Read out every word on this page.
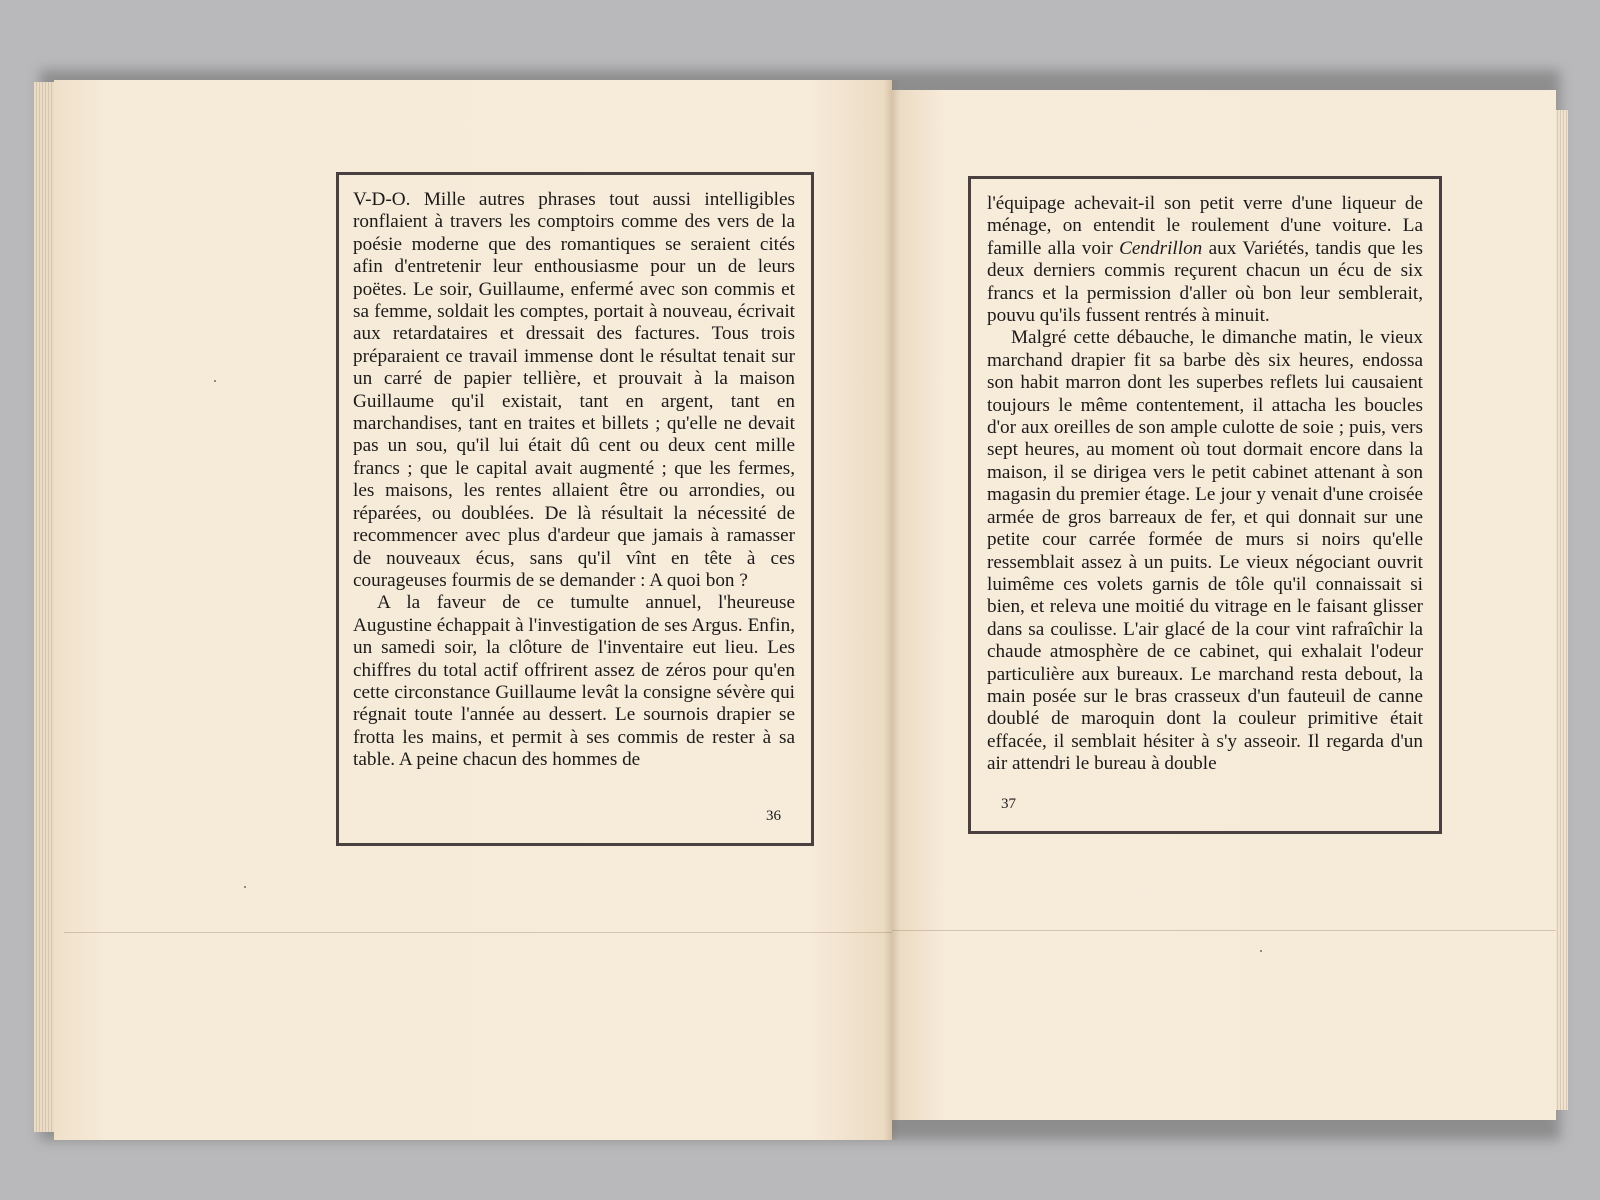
V-D-O. Mille autres phrases tout aussi intelligibles ronflaient à travers les comptoirs comme des vers de la poésie moderne que des romantiques se seraient cités afin d'entretenir leur enthousiasme pour un de leurs poëtes. Le soir, Guillaume, enfermé avec son commis et sa femme, soldait les comptes, portait à nouveau, écrivait aux retardataires et dressait des factures. Tous trois préparaient ce travail immense dont le résultat tenait sur un carré de papier tellière, et prouvait à la maison Guillaume qu'il existait, tant en argent, tant en marchandises, tant en traites et billets ; qu'elle ne devait pas un sou, qu'il lui était dû cent ou deux cent mille francs ; que le capital avait augmenté ; que les fermes, les maisons, les rentes allaient être ou arrondies, ou réparées, ou doublées. De là résultait la nécessité de recommencer avec plus d'ardeur que jamais à ramasser de nouveaux écus, sans qu'il vînt en tête à ces courageuses fourmis de se demander : A quoi bon ?

A la faveur de ce tumulte annuel, l'heureuse Augustine échappait à l'investigation de ses Argus. Enfin, un samedi soir, la clôture de l'inventaire eut lieu. Les chiffres du total actif offrirent assez de zéros pour qu'en cette circonstance Guillaume levât la consigne sévère qui régnait toute l'année au dessert. Le sournois drapier se frotta les mains, et permit à ses commis de rester à sa table. A peine chacun des hommes de

36

l'équipage achevait-il son petit verre d'une liqueur de ménage, on entendit le roulement d'une voiture. La famille alla voir Cendrillon aux Variétés, tandis que les deux derniers commis reçurent chacun un écu de six francs et la permission d'aller où bon leur semblerait, pouvu qu'ils fussent rentrés à minuit.

Malgré cette débauche, le dimanche matin, le vieux marchand drapier fit sa barbe dès six heures, endossa son habit marron dont les superbes reflets lui causaient toujours le même contentement, il attacha les boucles d'or aux oreilles de son ample culotte de soie ; puis, vers sept heures, au moment où tout dormait encore dans la maison, il se dirigea vers le petit cabinet attenant à son magasin du premier étage. Le jour y venait d'une croisée armée de gros barreaux de fer, et qui donnait sur une petite cour carrée formée de murs si noirs qu'elle ressemblait assez à un puits. Le vieux négociant ouvrit luimême ces volets garnis de tôle qu'il connaissait si bien, et releva une moitié du vitrage en le faisant glisser dans sa coulisse. L'air glacé de la cour vint rafraîchir la chaude atmosphère de ce cabinet, qui exhalait l'odeur particulière aux bureaux. Le marchand resta debout, la main posée sur le bras crasseux d'un fauteuil de canne doublé de maroquin dont la couleur primitive était effacée, il semblait hésiter à s'y asseoir. Il regarda d'un air attendri le bureau à double

37
